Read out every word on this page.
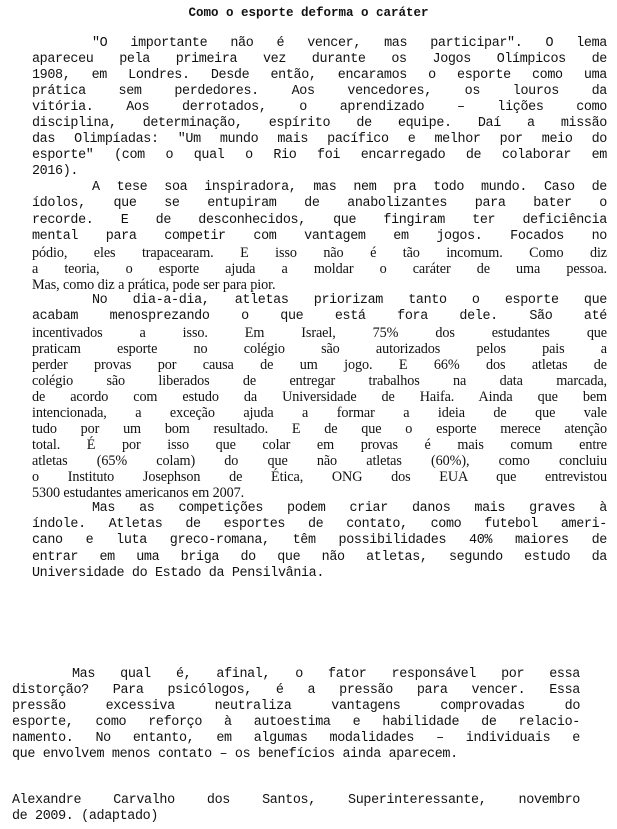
Como o esporte deforma o caráter
"O importante não é vencer, mas participar". O lema
apareceu pela primeira vez durante os Jogos Olímpicos de
1908, em Londres. Desde então, encaramos o esporte como uma
prática sem perdedores. Aos vencedores, os louros da
vitória. Aos derrotados, o aprendizado – lições como
disciplina, determinação, espírito de equipe. Daí a missão
das Olimpíadas: "Um mundo mais pacífico e melhor por meio do
esporte" (com o qual o Rio foi encarregado de colaborar em
2016).
A tese soa inspiradora, mas nem pra todo mundo. Caso de
ídolos, que se entupiram de anabolizantes para bater o
recorde. E de desconhecidos, que fingiram ter deficiência
mental para competir com vantagem em jogos. Focados no
pódio, eles trapacearam. E isso não é tão incomum. Como diz
a teoria, o esporte ajuda a moldar o caráter de uma pessoa.
Mas, como diz a prática, pode ser para pior.
No dia-a-dia, atletas priorizam tanto o esporte que
acabam menosprezando o que está fora dele. São até
incentivados a isso. Em Israel, 75% dos estudantes que
praticam esporte no colégio são autorizados pelos pais a
perder provas por causa de um jogo. E 66% dos atletas de
colégio são liberados de entregar trabalhos na data marcada,
de acordo com estudo da Universidade de Haifa. Ainda que bem
intencionada, a exceção ajuda a formar a ideia de que vale
tudo por um bom resultado. E de que o esporte merece atenção
total. É por isso que colar em provas é mais comum entre
atletas (65% colam) do que não atletas (60%), como concluiu
o Instituto Josephson de Ética, ONG dos EUA que entrevistou
5300 estudantes americanos em 2007.
Mas as competições podem criar danos mais graves à
índole. Atletas de esportes de contato, como futebol ameri-
cano e luta greco-romana, têm possibilidades 40% maiores de
entrar em uma briga do que não atletas, segundo estudo da
Universidade do Estado da Pensilvânia.
Mas qual é, afinal, o fator responsável por essa
distorção? Para psicólogos, é a pressão para vencer. Essa
pressão excessiva neutraliza vantagens comprovadas do
esporte, como reforço à autoestima e habilidade de relacio-
namento. No entanto, em algumas modalidades – individuais e
que envolvem menos contato – os benefícios ainda aparecem.
Alexandre Carvalho dos Santos, Superinteressante, novembro
de 2009. (adaptado)
